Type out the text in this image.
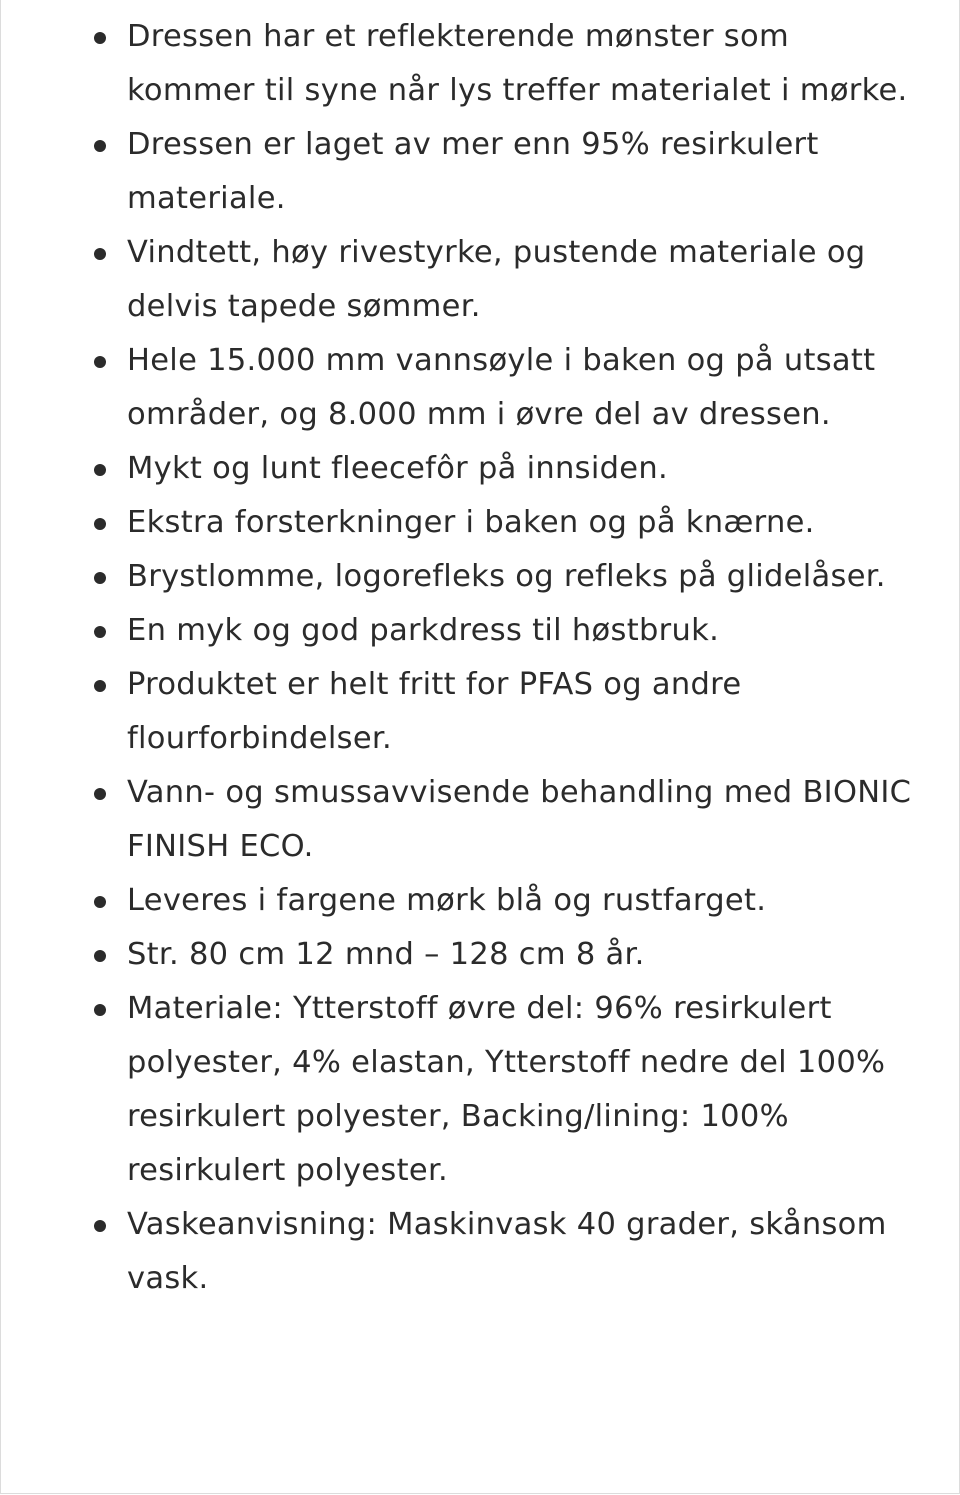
Dressen har et reflekterende mønster som kommer til syne når lys treffer materialet i mørke.
Dressen er laget av mer enn 95% resirkulert materiale.
Vindtett, høy rivestyrke, pustende materiale og delvis tapede sømmer.
Hele 15.000 mm vannsøyle i baken og på utsatt områder, og 8.000 mm i øvre del av dressen.
Mykt og lunt fleecefôr på innsiden.
Ekstra forsterkninger i baken og på knærne.
Brystlomme, logorefleks og refleks på glidelåser.
En myk og god parkdress til høstbruk.
Produktet er helt fritt for PFAS og andre flourforbindelser.
Vann- og smussavvisende behandling med BIONIC FINISH ECO.
Leveres i fargene mørk blå og rustfarget.
Str. 80 cm 12 mnd – 128 cm 8 år.
Materiale: Ytterstoff øvre del: 96% resirkulert polyester, 4% elastan, Ytterstoff nedre del 100% resirkulert polyester, Backing/lining: 100% resirkulert polyester.
Vaskeanvisning: Maskinvask 40 grader, skånsom vask.
